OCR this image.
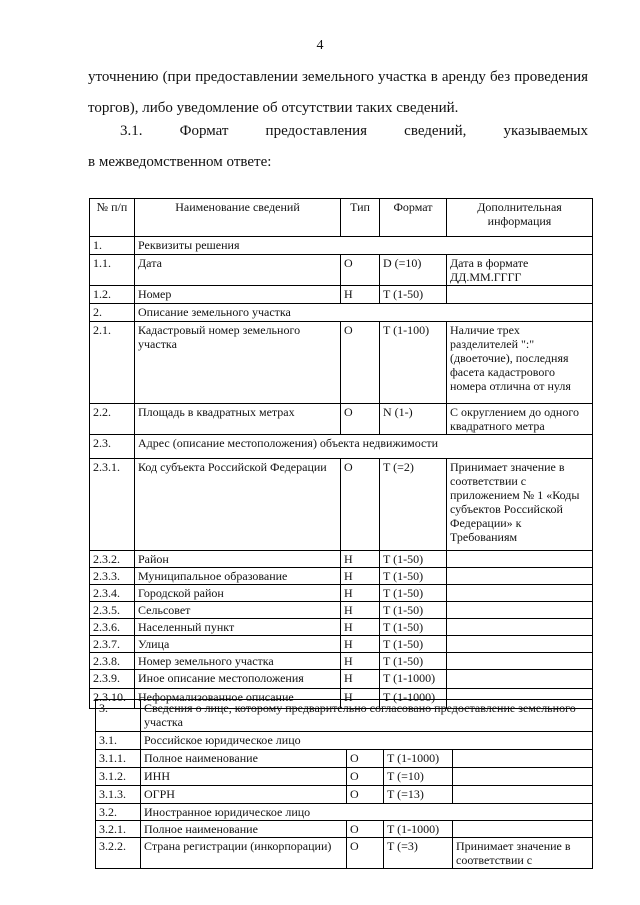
4
уточнению (при предоставлении земельного участка в аренду без проведения
торгов), либо уведомление об отсутствии таких сведений.
3.1. Формат предоставления сведений, указываемых
в межведомственном ответе:
№ п/п	Наименование сведений	Тип	Формат	Дополнительная информация
1.	Реквизиты решения			
1.1.	Дата	О	D (=10)	Дата в формате ДД.ММ.ГГГГ
1.2.	Номер	Н	T (1-50)	
2.	Описание земельного участка			
2.1.	Кадастровый номер земельного участка	О	T (1-100)	Наличие трех разделителей ":" (двоеточие), последняя фасета кадастрового номера отлична от нуля
2.2.	Площадь в квадратных метрах	О	N (1-)	С округлением до одного квадратного метра
2.3.	Адрес (описание местоположения) объекта недвижимости			
2.3.1.	Код субъекта Российской Федерации	О	T (=2)	Принимает значение в соответствии с приложением № 1 «Коды субъектов Российской Федерации» к Требованиям
2.3.2.	Район	Н	T (1-50)	
2.3.3.	Муниципальное образование	Н	T (1-50)	
2.3.4.	Городской район	Н	T (1-50)	
2.3.5.	Сельсовет	Н	T (1-50)	
2.3.6.	Населенный пункт	Н	T (1-50)	
2.3.7.	Улица	Н	T (1-50)	
2.3.8.	Номер земельного участка	Н	T (1-50)	
2.3.9.	Иное описание местоположения	Н	T (1-1000)	
2.3.10.	Неформализованное описание	Н	T (1-1000)	
3.	Сведения о лице, которому предварительно согласовано предоставление земельного участка			
3.1.	Российское юридическое лицо			
3.1.1.	Полное наименование	О	T (1-1000)	
3.1.2.	ИНН	О	T (=10)	
3.1.3.	ОГРН	О	T (=13)	
3.2.	Иностранное юридическое лицо			
3.2.1.	Полное наименование	О	T (1-1000)	
3.2.2.	Страна регистрации (инкорпорации)	О	T (=3)	Принимает значение в соответствии с
